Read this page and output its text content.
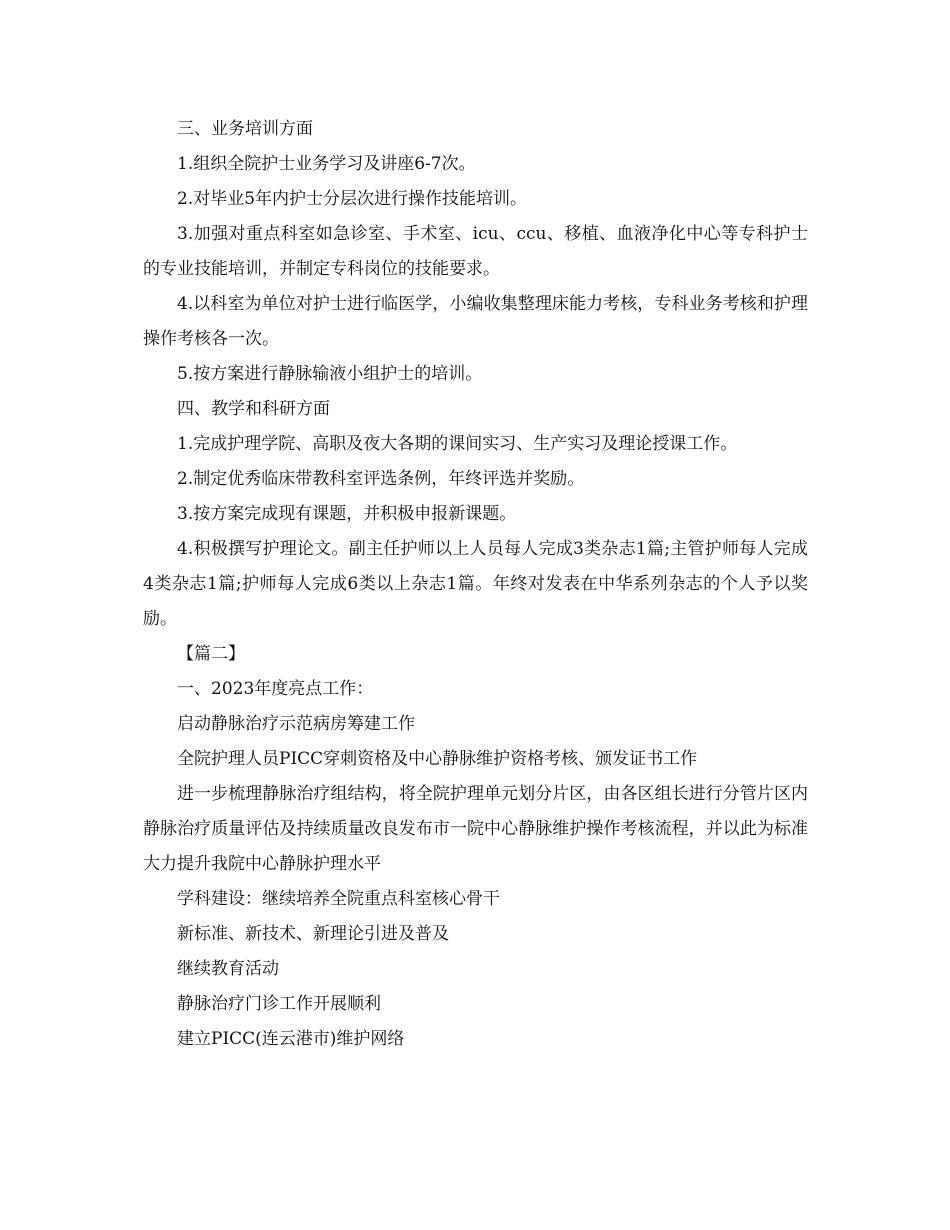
三、业务培训方面

1.组织全院护士业务学习及讲座6-7次。

2.对毕业5年内护士分层次进行操作技能培训。

3.加强对重点科室如急诊室、手术室、icu、ccu、移植、血液净化中心等专科护士的专业技能培训，并制定专科岗位的技能要求。

4.以科室为单位对护士进行临医学，小编收集整理床能力考核，专科业务考核和护理操作考核各一次。

5.按方案进行静脉输液小组护士的培训。

四、教学和科研方面

1.完成护理学院、高职及夜大各期的课间实习、生产实习及理论授课工作。

2.制定优秀临床带教科室评选条例，年终评选并奖励。

3.按方案完成现有课题，并积极申报新课题。

4.积极撰写护理论文。副主任护师以上人员每人完成3类杂志1篇;主管护师每人完成4类杂志1篇;护师每人完成6类以上杂志1篇。年终对发表在中华系列杂志的个人予以奖励。

【篇二】

一、2023年度亮点工作：

启动静脉治疗示范病房筹建工作

全院护理人员PICC穿刺资格及中心静脉维护资格考核、颁发证书工作

进一步梳理静脉治疗组结构，将全院护理单元划分片区，由各区组长进行分管片区内静脉治疗质量评估及持续质量改良发布市一院中心静脉维护操作考核流程，并以此为标准大力提升我院中心静脉护理水平

学科建设：继续培养全院重点科室核心骨干

新标准、新技术、新理论引进及普及

继续教育活动

静脉治疗门诊工作开展顺利

建立PICC(连云港市)维护网络
